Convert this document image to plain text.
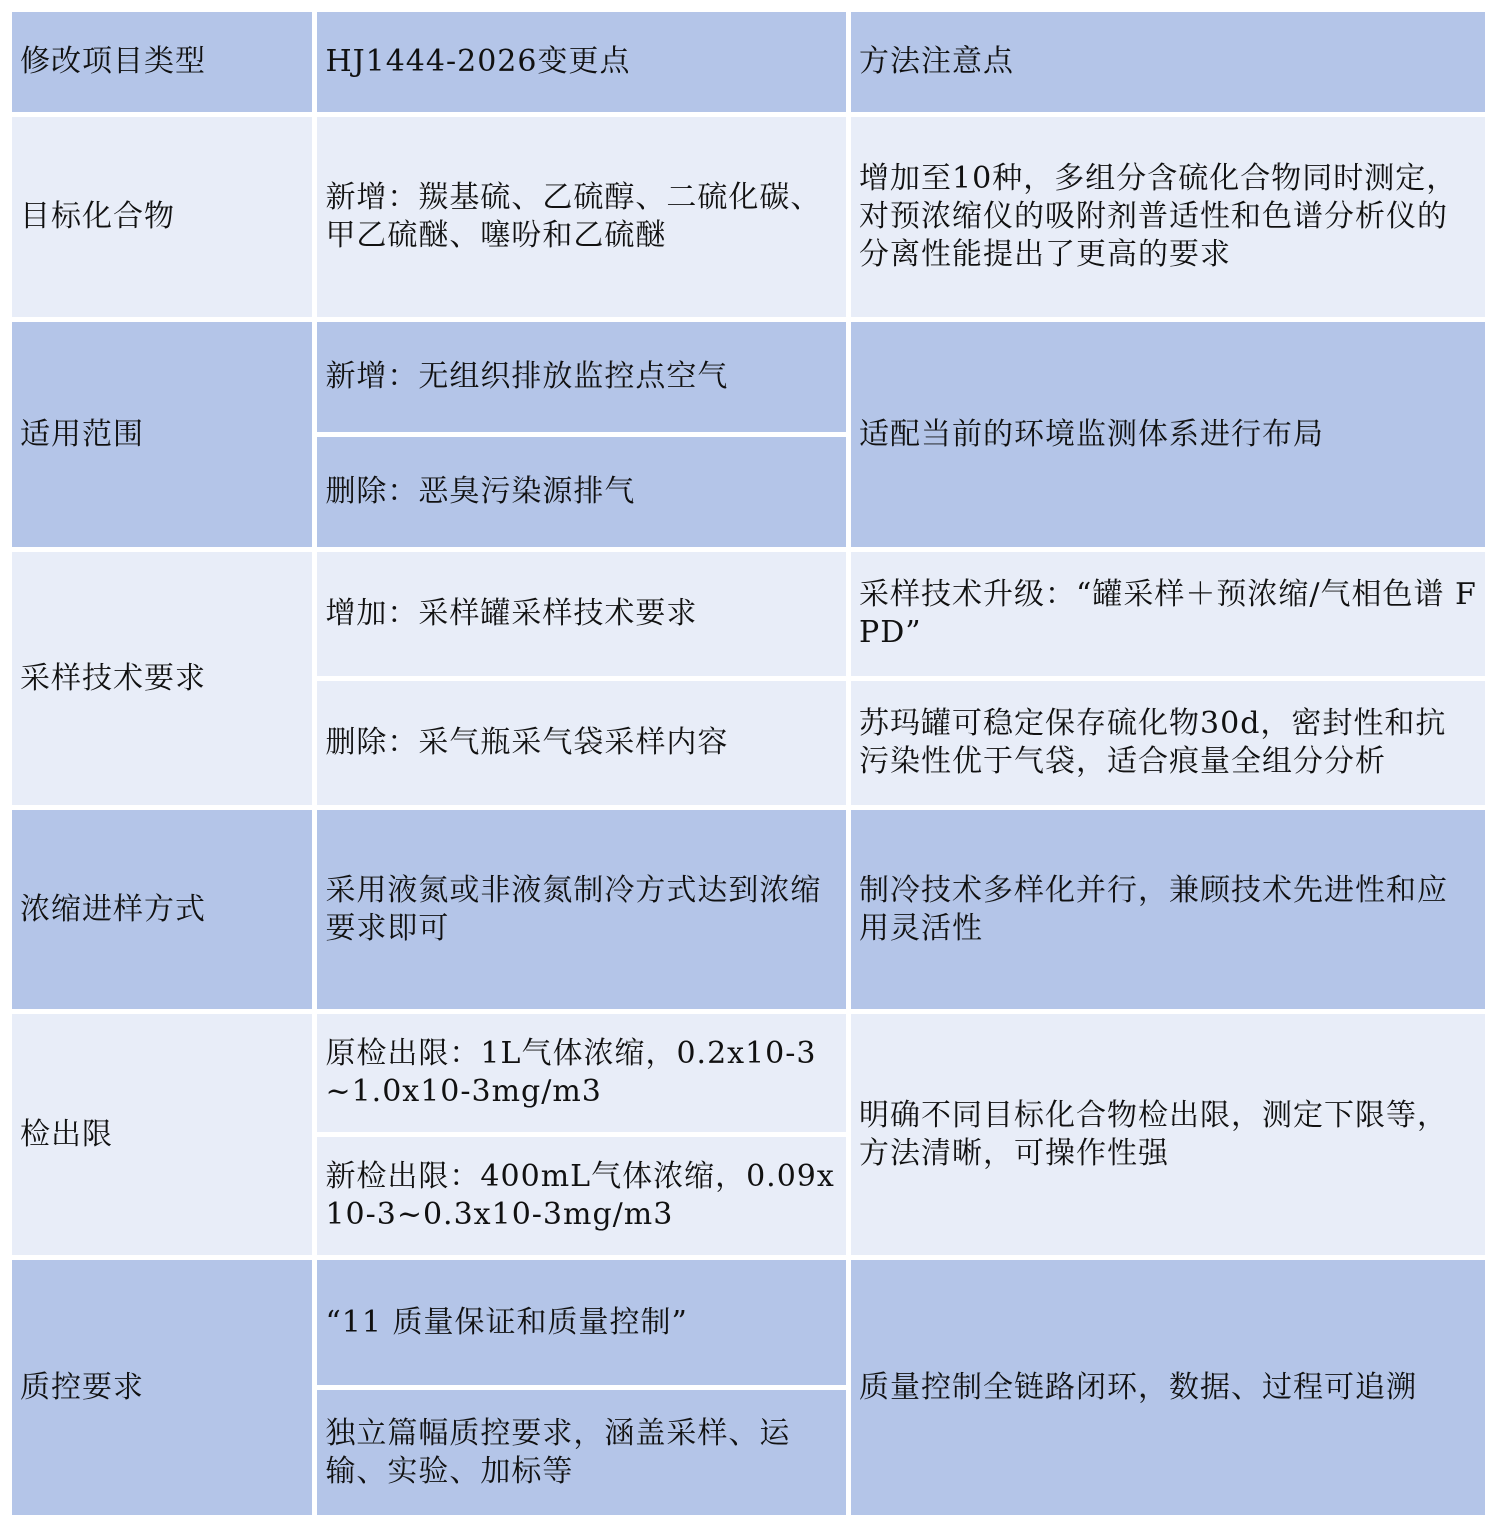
修改项目类型	HJ1444-2026变更点	方法注意点
目标化合物	新增：羰基硫、乙硫醇、二硫化碳、甲乙硫醚、噻吩和乙硫醚	增加至10种，多组分含硫化合物同时测定，对预浓缩仪的吸附剂普适性和色谱分析仪的分离性能提出了更高的要求
适用范围	新增：无组织排放监控点空气	适配当前的环境监测体系进行布局
	删除：恶臭污染源排气	
采样技术要求	增加：采样罐采样技术要求	采样技术升级：“罐采样＋预浓缩/气相色谱 FPD”
	删除：采气瓶采气袋采样内容	苏玛罐可稳定保存硫化物30d，密封性和抗污染性优于气袋，适合痕量全组分分析
浓缩进样方式	采用液氮或非液氮制冷方式达到浓缩要求即可	制冷技术多样化并行，兼顾技术先进性和应用灵活性
检出限	原检出限：1L气体浓缩，0.2x10-3~1.0x10-3mg/m3	明确不同目标化合物检出限，测定下限等，方法清晰，可操作性强
	新检出限：400mL气体浓缩，0.09x10-3~0.3x10-3mg/m3	
质控要求	“11 质量保证和质量控制”	质量控制全链路闭环，数据、过程可追溯
	独立篇幅质控要求，涵盖采样、运输、实验、加标等	
